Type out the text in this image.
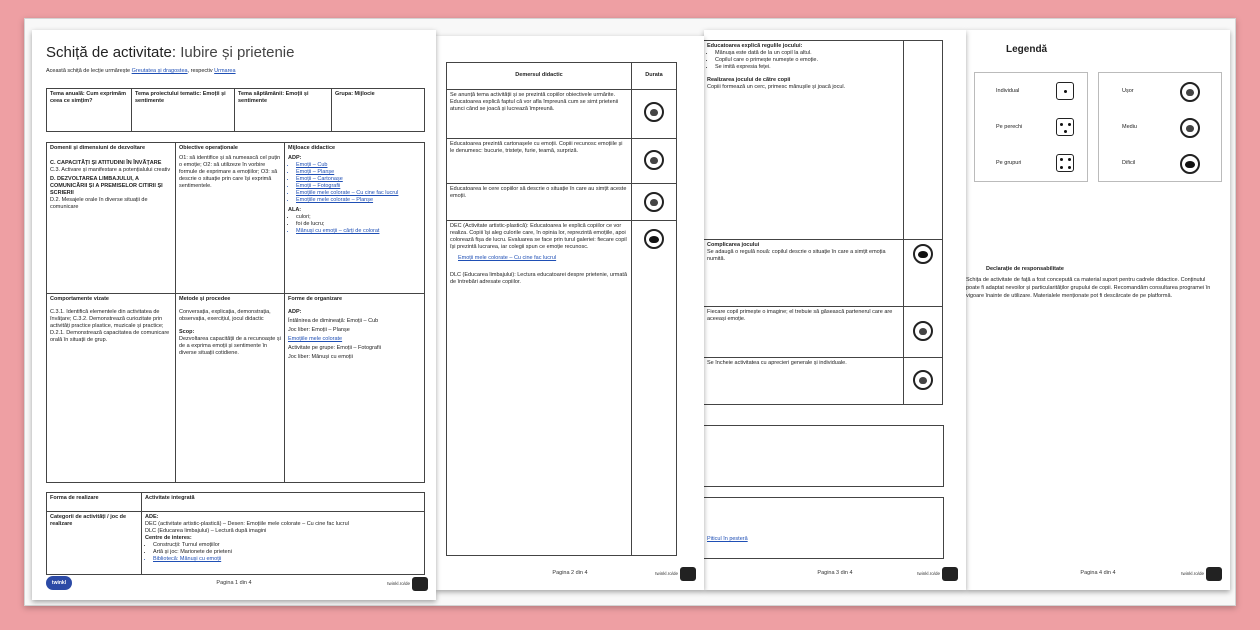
Schiță de activitate: Iubire și prietenie
Această schiță de lecție urmărește Greutatea și dragostea, respectiv Urmarea
Tema anuală: Cum exprimăm ceea ce simțim?
Tema proiectului tematic: Emoții și sentimente
Tema săptămânii: Emoții și sentimente
Grupa: Mijlocie
Domenii și dimensiuni de dezvoltare
C. CAPACITĂȚI ȘI ATITUDINI ÎN ÎNVĂȚARE
C.3. Activare și manifestare a potențialului creativ
D. DEZVOLTAREA LIMBAJULUI, A COMUNICĂRII ȘI A PREMISELOR CITIRII ȘI SCRIERII
D.2. Mesajele orale în diverse situații de comunicare
Obiective operaționale
O1: să identifice și să numească cel puțin o emoție; O2: să utilizeze în vorbire formule de exprimare a emoțiilor; O3: să descrie o situație prin care își exprimă sentimentele.
Mijloace didactice
ADP:
• Emoții – Cub
• Emoții – Planșe
• Emoții – Cartonașe
• Emoții – Fotografii
• Emoțiile mele colorate – Cu cine fac lucrul
• Emoțiile mele colorate – Planșe
ALA:
• culori;
• foi de lucru;
• Mănuși cu emoții – cărți de colorat
Comportamente vizate
C.3.1. Identifică elementele din activitatea de învățare; C.3.2. Demonstrează curiozitate prin activități practice plastice, muzicale și practice; D.2.1. Demonstrează capacitatea de comunicare orală în situații de grup.
Metode și procedee
Conversația, explicația, demonstrația, observația, exercițiul, jocul didactic
Scop:
Dezvoltarea capacității de a recunoaște și de a exprima emoții și sentimente în diverse situații cotidiene.
Forme de organizare
ADP:
Întâlnirea de dimineață: Emoții – Cub
Joc liber: Emoții – Planșe
Emoțiile mele colorate
Activitate pe grupe: Emoții – Fotografii
Joc liber: Mănuși cu emoții
Forma de realizare	Activitate integrată
Categorii de activități / joc de realizare
ADE:
DEC (activitate artistic-plastică) – Desen: Emoțiile mele colorate – Cu cine fac lucrul
DLC (Educarea limbajului) – Lectură după imagini
Centre de interes:
• Construcții: Turnul emoțiilor
• Artă și joc: Marionete de prieteni
• Bibliotecă: Mănuși cu emoții
twinkl	Pagina 1 din 4	twinkl.ro/de
Demersul didactic	Durata
Se anunță tema activității și se prezintă copiilor obiectivele urmărite. Educatoarea explică faptul că vor afla împreună cum se simt prietenii atunci când se joacă și lucrează împreună.
Educatoarea prezintă cartonașele cu emoții. Copiii recunosc emoțiile și le denumesc: bucurie, tristețe, furie, teamă, surpriză.
Educatoarea le cere copiilor să descrie o situație în care au simțit aceste emoții.
DEC (Activitate artistic-plastică): Educatoarea le explică copiilor ce vor realiza. Copiii își aleg culorile care, în opinia lor, reprezintă emoțiile, apoi colorează fișa de lucru. Evaluarea se face prin turul galeriei: fiecare copil își prezintă lucrarea, iar colegii spun ce emoție recunosc.
Emoții mele colorate – Cu cine fac lucrul
DLC (Educarea limbajului): Lectura educatoarei despre prietenie, urmată de întrebări adresate copiilor.
Pagina 2 din 4	twinkl.ro/de
Educatoarea explică regulile jocului:
• Mănușa este dată de la un copil la altul.
• Copilul care o primește numește o emoție.
• Se imită expresia feței.
Realizarea jocului de către copii
Copiii formează un cerc, primesc mănușile și joacă jocul.
Complicarea jocului
Se adaugă o regulă nouă: copilul descrie o situație în care a simțit emoția numită.
Fiecare copil primește o imagine; el trebuie să găsească partenerul care are aceeași emoție.
Se încheie activitatea cu aprecieri generale și individuale.
Piticul în pesteră
Pagina 3 din 4	twinkl.ro/de
Legendă
Individual
Pe perechi
Pe grupuri
Ușor
Mediu
Dificil
Declarație de responsabilitate
Schița de activitate de față a fost concepută ca material suport pentru cadrele didactice. Conținutul poate fi adaptat nevoilor și particularităților grupului de copii. Recomandăm consultarea programei în vigoare înainte de utilizare. Materialele menționate pot fi descărcate de pe platformă.
Pagina 4 din 4	twinkl.ro/de
